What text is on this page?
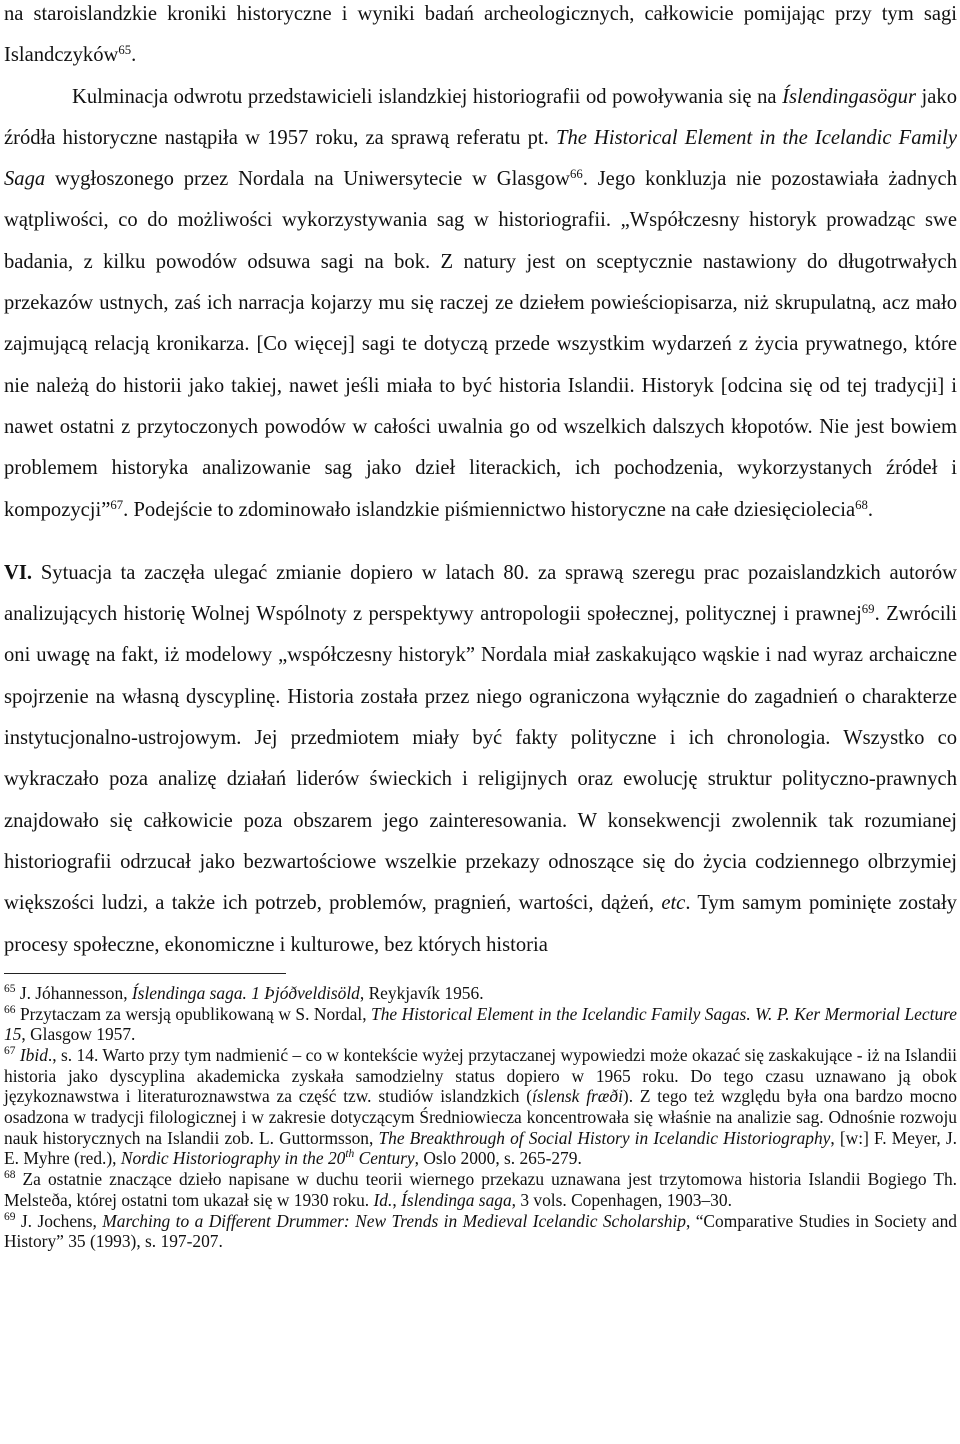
na staroislandzkie kroniki historyczne i wyniki badań archeologicznych, całkowicie pomijając przy tym sagi Islandczyków$^{65}$.

Kulminacja odwrotu przedstawicieli islandzkiej historiografii od powoływania się na Íslendingasögur jako źródła historyczne nastąpiła w 1957 roku, za sprawą referatu pt. The Historical Element in the Icelandic Family Saga wygłoszonego przez Nordala na Uniwersytecie w Glasgow$^{66}$. Jego konkluzja nie pozostawiała żadnych wątpliwości, co do możliwości wykorzystywania sag w historiografii. „Współczesny historyk prowadząc swe badania, z kilku powodów odsuwa sagi na bok. Z natury jest on sceptycznie nastawiony do długotrwałych przekazów ustnych, zaś ich narracja kojarzy mu się raczej ze dziełem powieściopisarza, niż skrupulatną, acz mało zajmującą relacją kronikarza. [Co więcej] sagi te dotyczą przede wszystkim wydarzeń z życia prywatnego, które nie należą do historii jako takiej, nawet jeśli miała to być historia Islandii. Historyk [odcina się od tej tradycji] i nawet ostatni z przytoczonych powodów w całości uwalnia go od wszelkich dalszych kłopotów. Nie jest bowiem problemem historyka analizowanie sag jako dzieł literackich, ich pochodzenia, wykorzystanych źródeł i kompozycji”$^{67}$. Podejście to zdominowało islandzkie piśmiennictwo historyczne na całe dziesięciolecia$^{68}$.

VI. Sytuacja ta zaczęła ulegać zmianie dopiero w latach 80. za sprawą szeregu prac pozaislandzkich autorów analizujących historię Wolnej Wspólnoty z perspektywy antropologii społecznej, politycznej i prawnej$^{69}$. Zwrócili oni uwagę na fakt, iż modelowy „współczesny historyk” Nordala miał zaskakująco wąskie i nad wyraz archaiczne spojrzenie na własną dyscyplinę. Historia została przez niego ograniczona wyłącznie do zagadnień o charakterze instytucjonalno-ustrojowym. Jej przedmiotem miały być fakty polityczne i ich chronologia. Wszystko co wykraczało poza analizę działań liderów świeckich i religijnych oraz ewolucję struktur polityczno-prawnych znajdowało się całkowicie poza obszarem jego zainteresowania. W konsekwencji zwolennik tak rozumianej historiografii odrzucał jako bezwartościowe wszelkie przekazy odnoszące się do życia codziennego olbrzymiej większości ludzi, a także ich potrzeb, problemów, pragnień, wartości, dążeń, etc. Tym samym pominięte zostały procesy społeczne, ekonomiczne i kulturowe, bez których historia

$^{65}$ J. Jóhannesson, Íslendinga saga. 1 Þjóðveldisöld, Reykjavík 1956.

$^{66}$ Przytaczam za wersją opublikowaną w S. Nordal, The Historical Element in the Icelandic Family Sagas. W. P. Ker Mermorial Lecture 15, Glasgow 1957.

$^{67}$ Ibid., s. 14. Warto przy tym nadmienić – co w kontekście wyżej przytaczanej wypowiedzi może okazać się zaskakujące - iż na Islandii historia jako dyscyplina akademicka zyskała samodzielny status dopiero w 1965 roku. Do tego czasu uznawano ją obok językoznawstwa i literaturoznawstwa za część tzw. studiów islandzkich (íslensk fræði). Z tego też względu była ona bardzo mocno osadzona w tradycji filologicznej i w zakresie dotyczącym Średniowiecza koncentrowała się właśnie na analizie sag. Odnośnie rozwoju nauk historycznych na Islandii zob. L. Guttormsson, The Breakthrough of Social History in Icelandic Historiography, [w:] F. Meyer, J. E. Myhre (red.), Nordic Historiography in the 20th Century, Oslo 2000, s. 265-279.

$^{68}$ Za ostatnie znaczące dzieło napisane w duchu teorii wiernego przekazu uznawana jest trzytomowa historia Islandii Bogiego Th. Melsteða, której ostatni tom ukazał się w 1930 roku. Id., Íslendinga saga, 3 vols. Copenhagen, 1903–30.

$^{69}$ J. Jochens, Marching to a Different Drummer: New Trends in Medieval Icelandic Scholarship, “Comparative Studies in Society and History” 35 (1993), s. 197-207.
